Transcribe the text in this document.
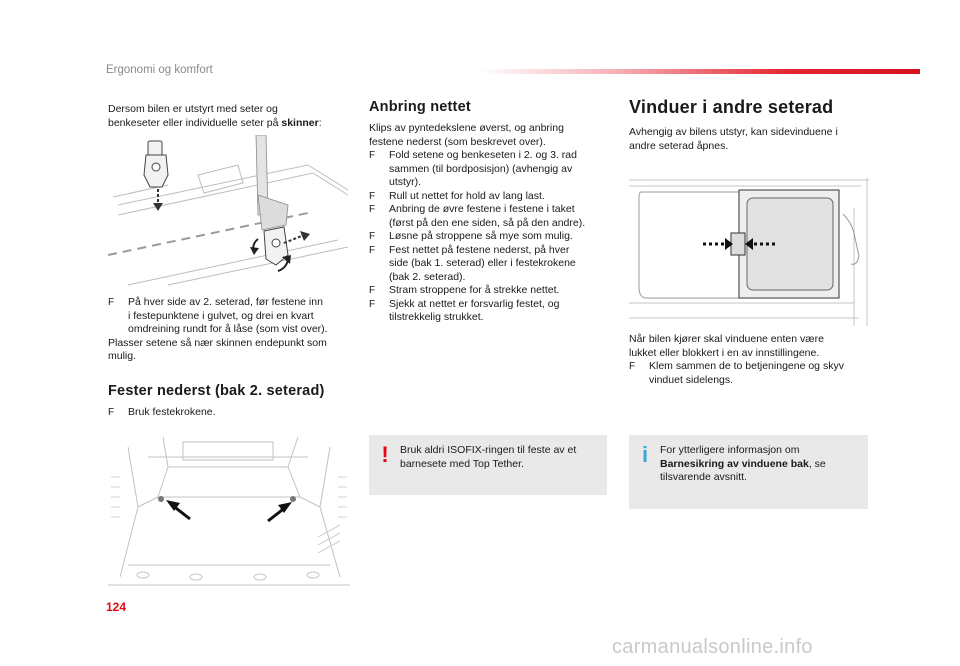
Ergonomi og komfort

Dersom bilen er utstyrt med seter og

benkeseter eller individuelle seter på skinner:

F På hver side av 2. seterad, før festene inn

i festepunktene i gulvet, og drei en kvart

omdreining rundt for å låse (som vist over).

Plasser setene så nær skinnen endepunkt som

mulig.

Fester nederst (bak 2. seterad)
F Bruk festekrokene.

Anbring nettet

Klips av pyntedekslene øverst, og anbring

festene nederst (som beskrevet over).

F Fold setene og benkeseten i 2. og 3. rad

sammen (til bordposisjon) (avhengig av

utstyr).

F Rull ut nettet for hold av lang last.

F Anbring de øvre festene i festene i taket

(først på den ene siden, så på den andre).

F Løsne på stroppene så mye som mulig.

F Fest nettet på festene nederst, på hver

side (bak 1. seterad) eller i festekrokene

(bak 2. seterad).

F Stram stroppene for å strekke nettet.

F Sjekk at nettet er forsvarlig festet, og

tilstrekkelig strukket.

!	Bruk aldri ISOFIX-ringen til feste av et

barnesete med Top Tether.

Vinduer i andre seterad

Avhengig av bilens utstyr, kan sidevinduene i

andre seterad åpnes.

Når bilen kjører skal vinduene enten være

lukket eller blokkert i en av innstillingene.

F Klem sammen de to betjeningene og skyv

vinduet sidelengs.

i	For ytterligere informasjon om

Barnesikring av vinduene bak, se

tilsvarende avsnitt.

124
carmanualsonline.info
